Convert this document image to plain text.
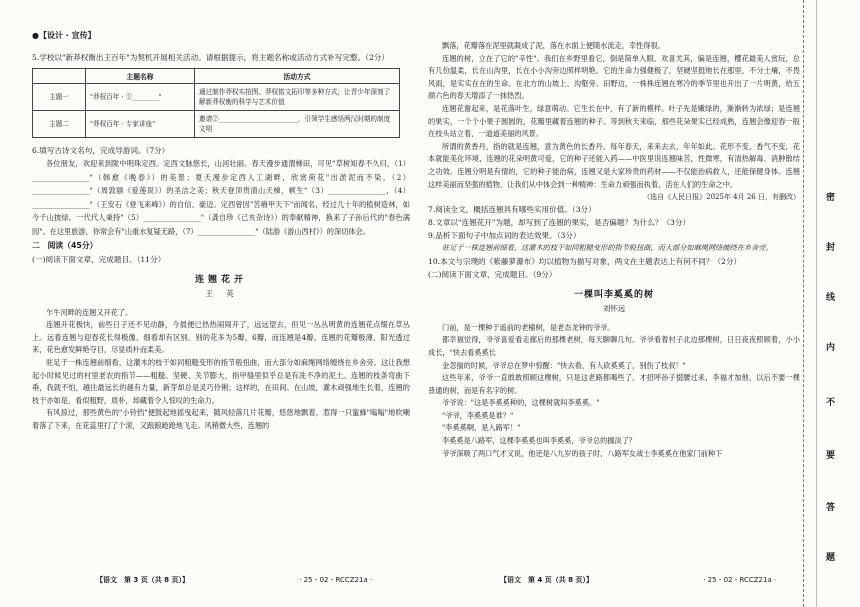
●【设计 · 宣传】

5.学校以"新莽权衡出王百年"为契机开展相关活动。请根据提示，将主题名称或活动方式补写完整。（2分）

	主题名称	活动方式
主题一	"莽权百年 · ①________"	通过制作莽权实拍图、莽权铭文拓印等多种方式，让青少年深刻了解新莽权衡的科学与艺术价值
主题二	"莽权百年 · 专家讲座"	邀请②________________________，引领学生感悟两汉时期的制度文明

6.填写古诗文名句，完成导游词。（7分）

各位朋友，欢迎来到陇中明珠定西。定西文脉悠长，山河壮丽。春天漫步通渭梯田，可见"草树知春不久归，（1）________________"（韩愈《晚春》）的美景；夏天漫步定西人工湖畔，欣赏荷花"出淤泥而不染，（2）________________"（周敦颐《爱莲说》）的圣洁之美；秋天登顶贵清山天梯，顿生"（3）________________，（4）________________"（王安石《登飞来峰》）的自信、豪迈。定西曾因"苦瘠甲天下"而闻名，经过几十年的植树造林，如今千山披绿。一代代人秉持"（5）________________"（龚自珍《己亥杂诗》）的奉献精神，换来了子孙后代的"春色满园"。在这里旅游，你常会有"山重水复疑无路，（7）________________"（陆游《游山西村》）的深切体会。

二　阅读（45分）

(一)阅读下面文章，完成题目。（11分）

连翘花开
王　英

乍牛河畔的连翘又开花了。

连翘开花极快，前些日子还不见动静，今晨便已热热闹闹开了，远远望去，但见一丛丛明黄的连翘花点缀在草丛上。远看连翘与迎春花长得极像，细看却有区别。别的花多为5瓣，6瓣，而连翘是4瓣。连翘的花瓣极薄，阳光透过来，花色愈发鲜艳夺目，尽显质朴而柔美。

驻足于一株连翘前细看，这灌木的枝干如同粗糙变形的指节般扭曲，而大部分如麻绳网络缠绕在乡舍旁。这让我想起小时候见过的村里老农的指节——粗糙、坚硬、关节膨大，指甲缝里似乎总是有洗不净的泥土。连翘的枝条弯曲下垂，我就不怕，越往最远长的越有力量，新芽却总是灵巧伶俐；这样的，在田间、在山坡，灌木顽强地生长着，连翘的枝干亦如是，看似粗野，质朴，却藏着令人惊叹的生命力。

有风掠过，那些黄色的"小铃铛"便鼓起地摇曳起来，随风轻落几片花瓣，悠悠地飘着，惹得一只蜜蜂"嗡嗡"地吹喇着落了下来，在花蕊里打了个滚，又踉踉跄跄地飞走。风稍微大些，连翘的

【语文　第 3 页（共 8 页）】	· 25 - 02 - RCCZ21a ·

飘落，花瓣落在泥里就凝成了泥，落在水面上便随水流走，幸性得很。

连翘的树，立在了它的"辛性"。我们在乡野里看它，倒是简单入眼，欢喜尤其，偏是连翘，樱花最美人赏玩，总有几份温柔，长在山沟里，长在小小沟旁边照样明艳。它的生命力强健极了，坚硬坚挺地长在那里，不分土壤，不畏风雨，是实实在在的生命。在北方的山坡上、沟壑旁、田野边，一株株连翘在寒冷的季节里也开出了一片明黄，给五颜六色的春天增添了一抹热烈。

连翘花谢起来，是花落叶生，绿意萌动。它生长在中，有了新的模样。叶子先是嫩绿的，渐渐转为浓绿；是连翘的果实，一个个小果子圆圆的，花瓣里藏着连翘的种子。等到秋天来临，那些花朵果实已经成熟，连翘会像迎春一般在枝头站立着，一道道美丽的风景。

所谓的黄香丹，指的就是连翘，意为黄色的长香丹。每年春天，来来去去，年年如此。花形不变，香气不变，花本就能美化环境，连翘的花朵明黄可爱，它的种子还能入药——中医里说连翘味苦，性微寒，有清热解毒、消肿散结之功效。连翘分明是有情的，它的种子能治病，连翘又是大家珍贵的药材——不仅能治病救人，还能保健身体。连翘这样美丽而坚强的植物，让我们从中体会到一种精神：生命力顽强而执着，活在人们的生命之中。

（选自《人民日报》2025年 4月 26 日，有删改）

7.阅读全文，概括连翘具有哪些实用价值。（3分）

8.文章以"连翘花开"为题，却写到了连翘的果实，是否偏题？为什么？（3分）

9.品析下面句子中加点词的表达效果。（3分）

驻足于一株连翘前细看，这灌木的枝干如同粗糙变形的指节般扭曲，而大部分如麻绳网络缠绕在乡舍旁。

10.本文与宗璞的《紫藤萝瀑布》均以植物为描写对象，两文在主题表达上有何不同？（2分）

(二)阅读下面文章，完成题目。（9分）

一棵叫李奚奚的树
刘怀远

门前，是一棵种于遥前的老榆树，是老态龙钟的爷爷。

都幸福觉得，爷爷喜爱看走廊后的那棵老树，每天聊聊几句。爷爷看着村子北边那棵树，日日夜夜照顾着，小小成长，"快去看奚奚长

金忽揣的时候，爷爷总在梦中惊醒："快去看，有人砍奚奚了，别伤了枝叔！"

这些年来，爷爷一直敢敢照顾这棵树，只是这老路都喝些了，才招呼孙子掇腰过来，李福才加他，以后不要一棵普通的树，而是有名字的树。

爷爷说："这是李奚奚种的，这棵树就叫李奚奚。"

"爷爷，李奚奚是谁？"

"李奚奚啊，是入路军！"

李奚奚是八路军，这棵李奚奚也叫李奚奚，爷爷总的搁淡了？

爷爷深吸了两口气才又说，他还是八九岁的孩子时，八路军女战士李奚奚在他家门前种下

【语文　第 4 页（共 8 页）】	· 25 - 02 - RCCZ21a ·
密
封
线
内
不
要
答
题
